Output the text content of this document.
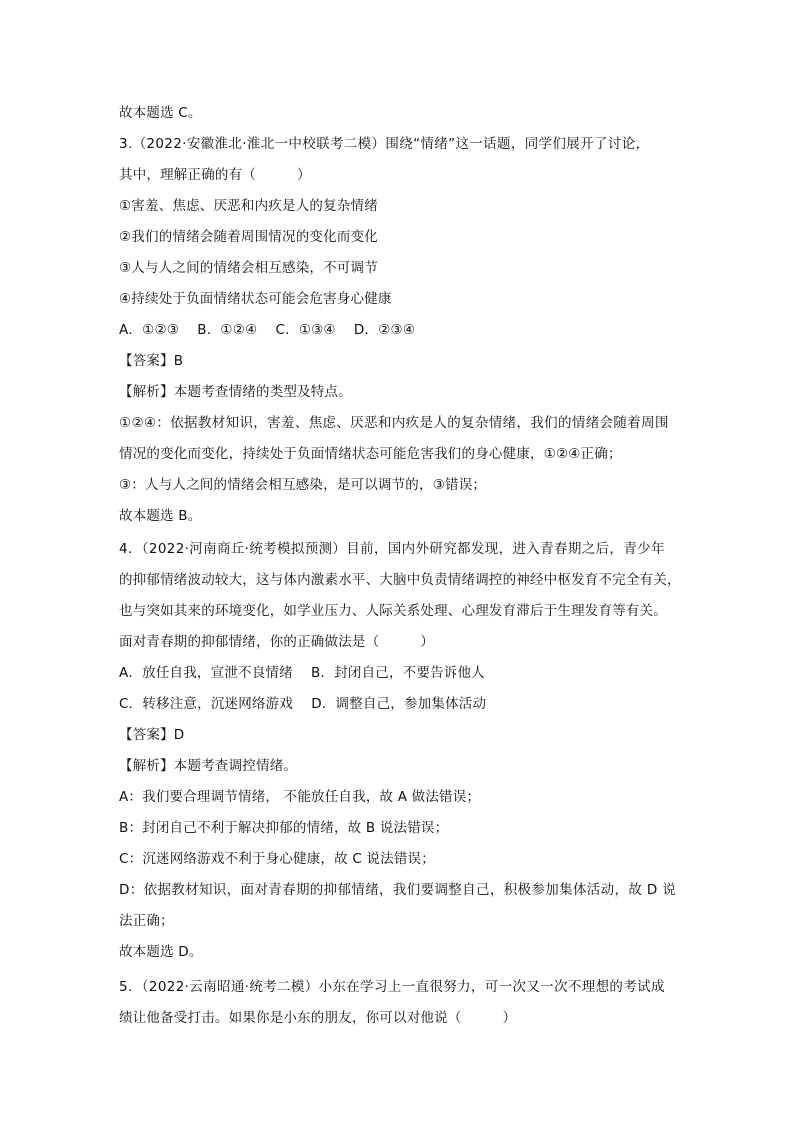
故本题选 C。
3.（2022·安徽淮北·淮北一中校联考二模）围绕“情绪”这一话题，同学们展开了讨论，
其中，理解正确的有（　　　）
①害羞、焦虑、厌恶和内疚是人的复杂情绪
②我们的情绪会随着周围情况的变化而变化
③人与人之间的情绪会相互感染，不可调节
④持续处于负面情绪状态可能会危害身心健康
A．①②③　 B．①②④　 C．①③④　 D．②③④
【答案】B
【解析】本题考查情绪的类型及特点。
①②④：依据教材知识，害羞、焦虑、厌恶和内疚是人的复杂情绪，我们的情绪会随着周围
情况的变化而变化，持续处于负面情绪状态可能危害我们的身心健康，①②④正确；
③：人与人之间的情绪会相互感染，是可以调节的，③错误；
故本题选 B。
4．（2022·河南商丘·统考模拟预测）目前，国内外研究都发现，进入青春期之后，青少年
的抑郁情绪波动较大，这与体内激素水平、大脑中负责情绪调控的神经中枢发育不完全有关，
也与突如其来的环境变化，如学业压力、人际关系处理、心理发育滞后于生理发育等有关。
面对青春期的抑郁情绪，你的正确做法是（　　　）
A．放任自我，宣泄不良情绪　 B．封闭自己，不要告诉他人
C．转移注意，沉迷网络游戏　 D．调整自己，参加集体活动
【答案】D
【解析】本题考查调控情绪。
A：我们要合理调节情绪， 不能放任自我，故 A 做法错误；
B：封闭自己不利于解决抑郁的情绪，故 B 说法错误；
C：沉迷网络游戏不利于身心健康，故 C 说法错误；
D：依据教材知识，面对青春期的抑郁情绪，我们要调整自己，积极参加集体活动，故 D 说
法正确；
故本题选 D。
5．（2022·云南昭通·统考二模）小东在学习上一直很努力，可一次又一次不理想的考试成
绩让他备受打击。如果你是小东的朋友，你可以对他说（　　　）
